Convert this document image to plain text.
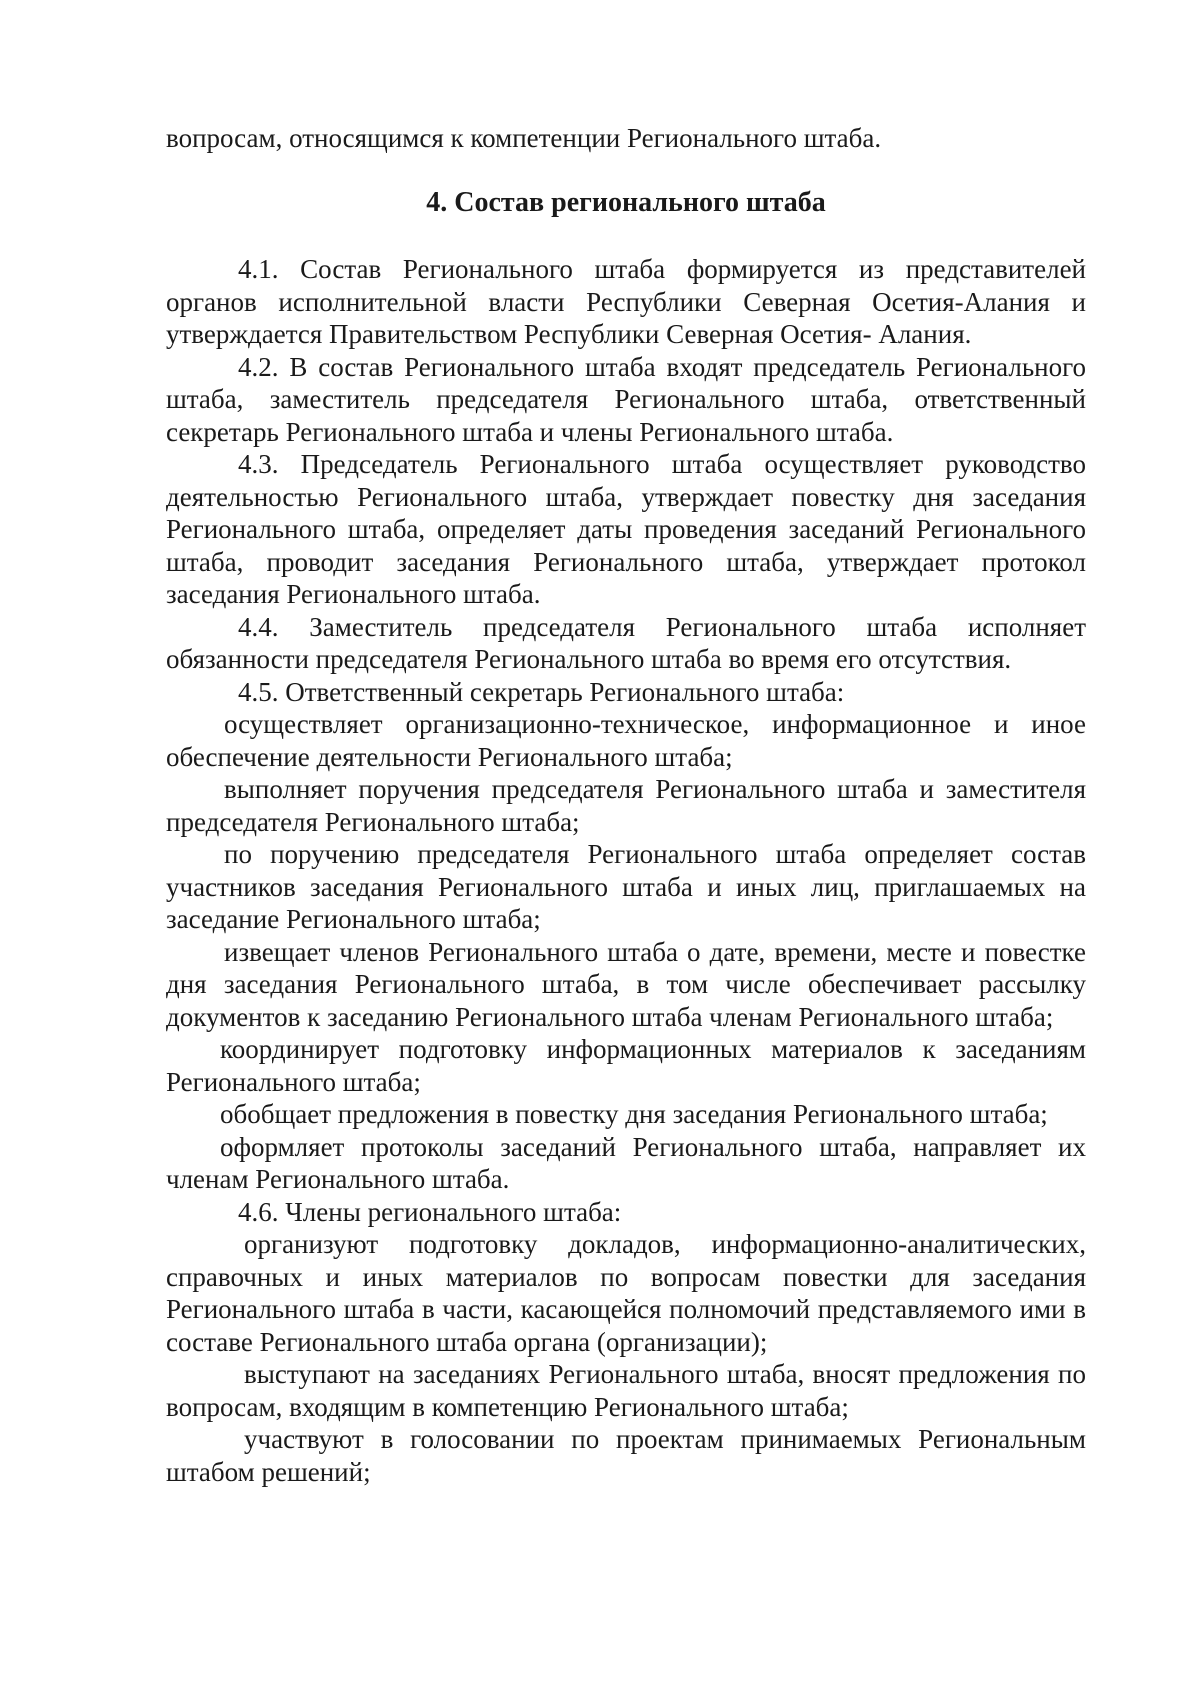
вопросам, относящимся к компетенции Регионального штаба.

4. Состав регионального штаба

4.1. Состав Регионального штаба формируется из представителей органов исполнительной власти Республики Северная Осетия-Алания и утверждается Правительством Республики Северная Осетия- Алания.

4.2. В состав Регионального штаба входят председатель Регионального штаба, заместитель председателя Регионального штаба, ответственный секретарь Регионального штаба и члены Регионального штаба.

4.3. Председатель Регионального штаба осуществляет руководство деятельностью Регионального штаба, утверждает повестку дня заседания Регионального штаба, определяет даты проведения заседаний Регионального штаба, проводит заседания Регионального штаба, утверждает протокол заседания Регионального штаба.

4.4. Заместитель председателя Регионального штаба исполняет обязанности председателя Регионального штаба во время его отсутствия.

4.5. Ответственный секретарь Регионального штаба:

осуществляет организационно-техническое, информационное и иное обеспечение деятельности Регионального штаба;

выполняет поручения председателя Регионального штаба и заместителя председателя Регионального штаба;

по поручению председателя Регионального штаба определяет состав участников заседания Регионального штаба и иных лиц, приглашаемых на заседание Регионального штаба;

извещает членов Регионального штаба о дате, времени, месте и повестке дня заседания Регионального штаба, в том числе обеспечивает рассылку документов к заседанию Регионального штаба членам Регионального штаба;

координирует подготовку информационных материалов к заседаниям Регионального штаба;

обобщает предложения в повестку дня заседания Регионального штаба;

оформляет протоколы заседаний Регионального штаба, направляет их членам Регионального штаба.

4.6. Члены регионального штаба:

организуют подготовку докладов, информационно-аналитических, справочных и иных материалов по вопросам повестки для заседания Регионального штаба в части, касающейся полномочий представляемого ими в составе Регионального штаба органа (организации);

выступают на заседаниях Регионального штаба, вносят предложения по вопросам, входящим в компетенцию Регионального штаба;

участвуют в голосовании по проектам принимаемых Региональным штабом решений;
